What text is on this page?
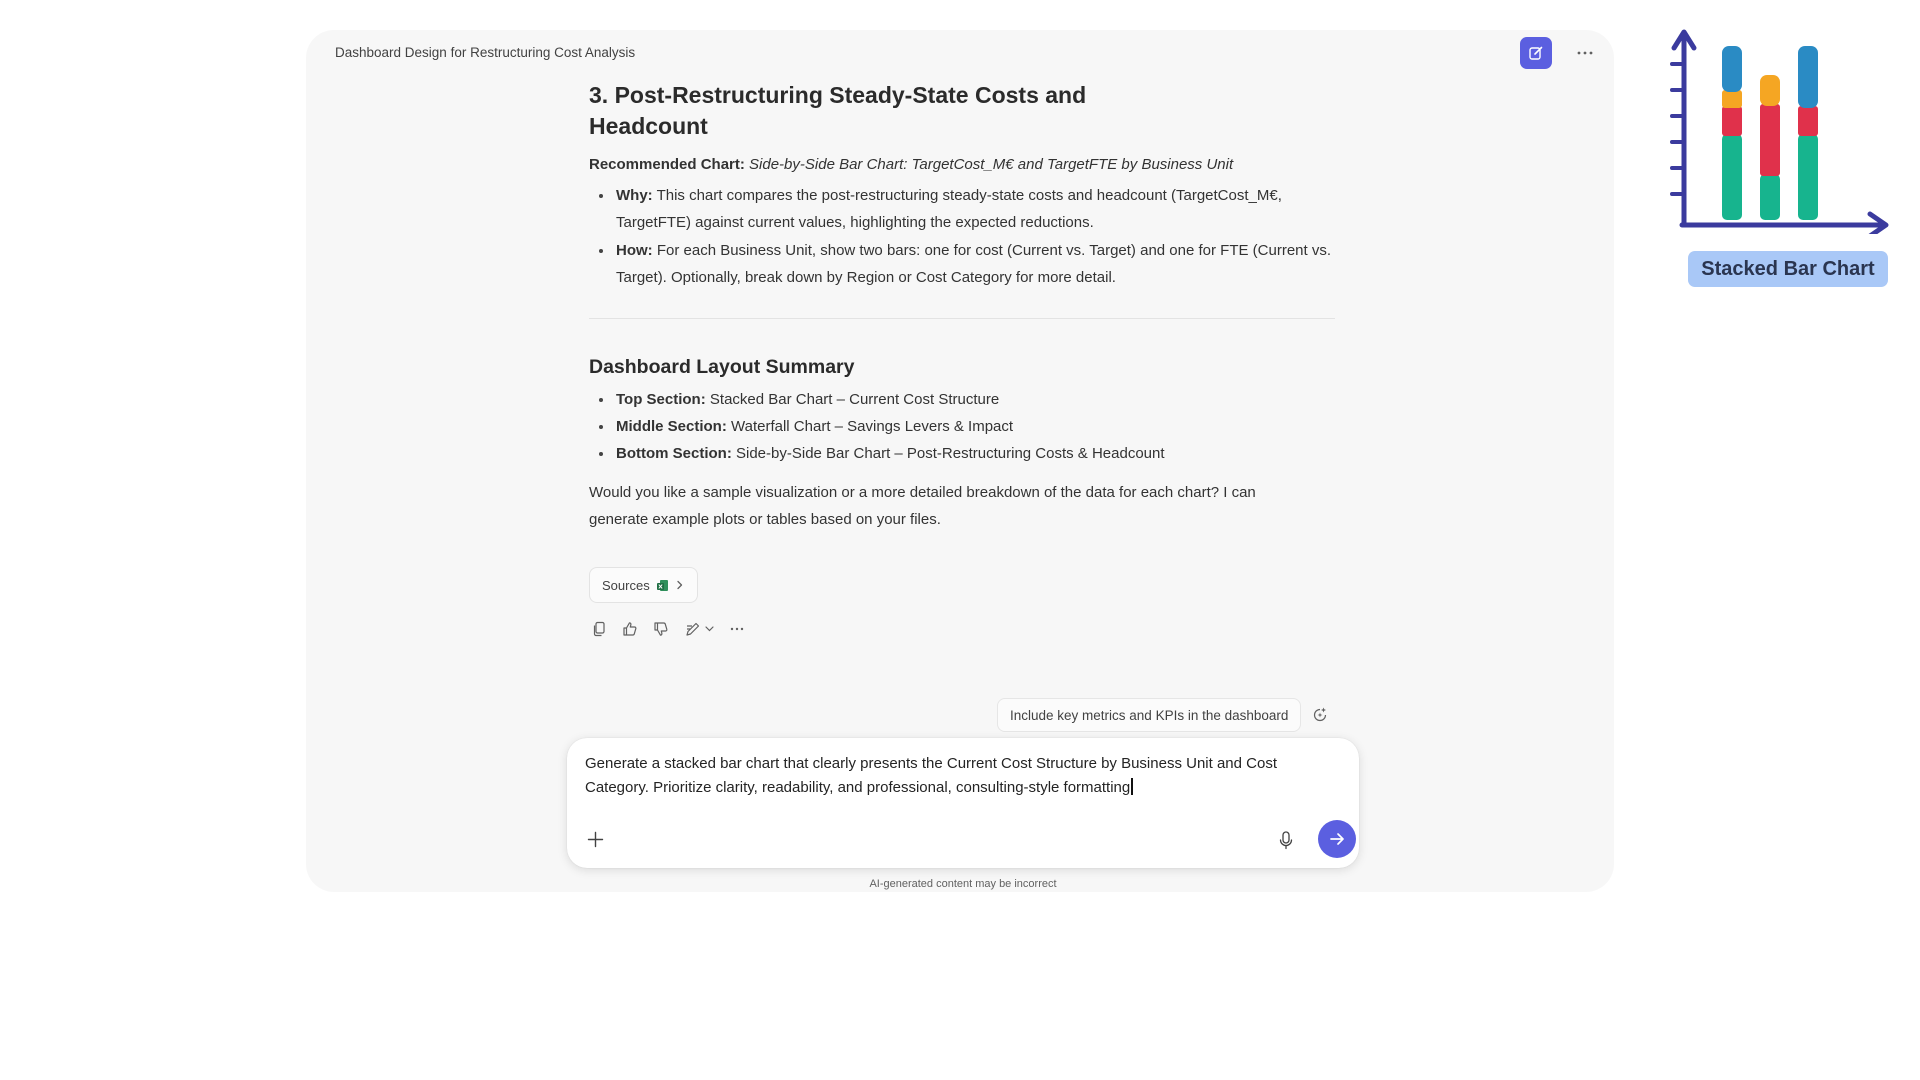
Dashboard Design for Restructuring Cost Analysis
3. Post-Restructuring Steady-State Costs and
Headcount
Recommended Chart: Side-by-Side Bar Chart: TargetCost_M€ and TargetFTE by Business Unit
Why: This chart compares the post-restructuring steady-state costs and headcount (TargetCost_M€, TargetFTE) against current values, highlighting the expected reductions.
How: For each Business Unit, show two bars: one for cost (Current vs. Target) and one for FTE (Current vs. Target). Optionally, break down by Region or Cost Category for more detail.
Dashboard Layout Summary
Top Section: Stacked Bar Chart – Current Cost Structure
Middle Section: Waterfall Chart – Savings Levers & Impact
Bottom Section: Side-by-Side Bar Chart – Post-Restructuring Costs & Headcount
Would you like a sample visualization or a more detailed breakdown of the data for each chart? I can generate example plots or tables based on your files.
Sources
Include key metrics and KPIs in the dashboard
Generate a stacked bar chart that clearly presents the Current Cost Structure by Business Unit and Cost Category. Prioritize clarity, readability, and professional, consulting-style formatting
AI-generated content may be incorrect
Stacked Bar Chart
